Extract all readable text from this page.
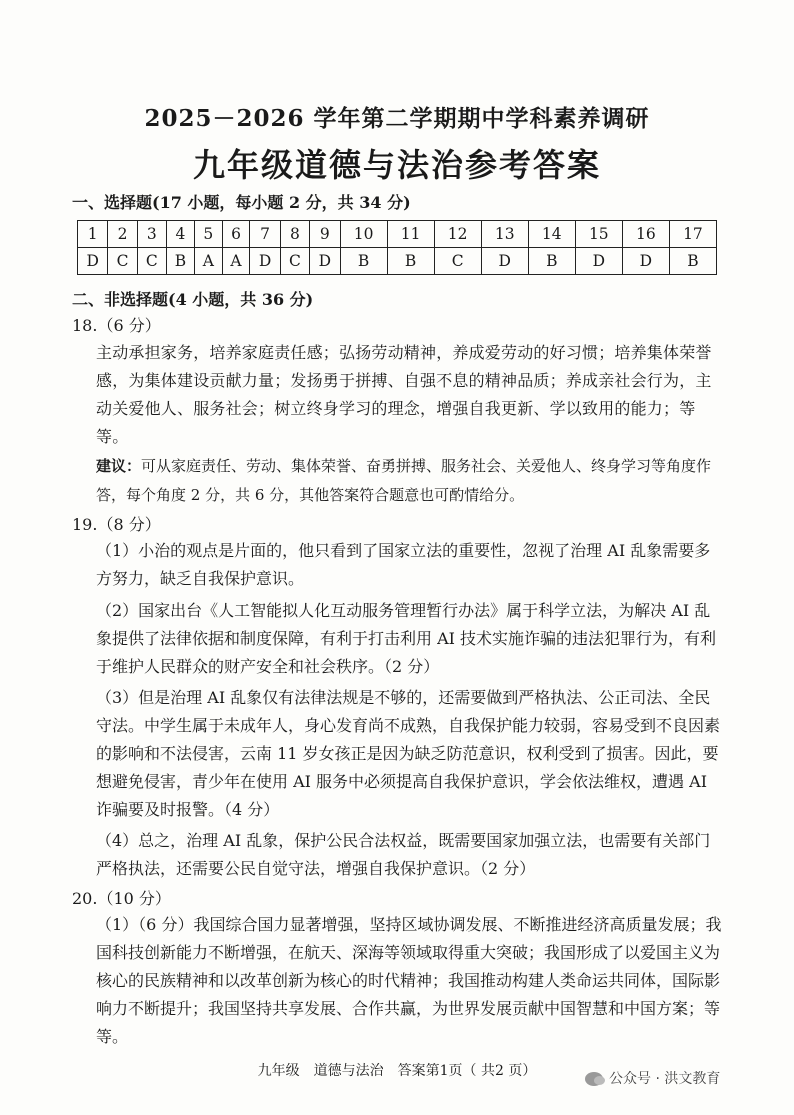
2025－2026 学年第二学期期中学科素养调研
九年级道德与法治参考答案
一、选择题(17 小题，每小题 2 分，共 34 分)
1	2	3	4	5	6	7	8	9	10	11	12	13	14	15	16	17
D	C	C	B	A	A	D	C	D	B	B	C	D	B	D	D	B
二、非选择题(4 小题，共 36 分)
18.（6 分）
主动承担家务，培养家庭责任感；弘扬劳动精神，养成爱劳动的好习惯；培养集体荣誉感，为集体建设贡献力量；发扬勇于拼搏、自强不息的精神品质；养成亲社会行为，主动关爱他人、服务社会；树立终身学习的理念，增强自我更新、学以致用的能力；等等。
建议：可从家庭责任、劳动、集体荣誉、奋勇拼搏、服务社会、关爱他人、终身学习等角度作答，每个角度 2 分，共 6 分，其他答案符合题意也可酌情给分。
19.（8 分）
（1）小治的观点是片面的，他只看到了国家立法的重要性，忽视了治理 AI 乱象需要多方努力，缺乏自我保护意识。
（2）国家出台《人工智能拟人化互动服务管理暂行办法》属于科学立法，为解决 AI 乱象提供了法律依据和制度保障，有利于打击利用 AI 技术实施诈骗的违法犯罪行为，有利于维护人民群众的财产安全和社会秩序。（2 分）
（3）但是治理 AI 乱象仅有法律法规是不够的，还需要做到严格执法、公正司法、全民守法。中学生属于未成年人，身心发育尚不成熟，自我保护能力较弱，容易受到不良因素的影响和不法侵害，云南 11 岁女孩正是因为缺乏防范意识，权利受到了损害。因此，要想避免侵害，青少年在使用 AI 服务中必须提高自我保护意识，学会依法维权，遭遇 AI 诈骗要及时报警。（4 分）
（4）总之，治理 AI 乱象，保护公民合法权益，既需要国家加强立法，也需要有关部门严格执法，还需要公民自觉守法，增强自我保护意识。（2 分）
20.（10 分）
（1）（6 分）我国综合国力显著增强，坚持区域协调发展、不断推进经济高质量发展；我国科技创新能力不断增强，在航天、深海等领域取得重大突破；我国形成了以爱国主义为核心的民族精神和以改革创新为核心的时代精神；我国推动构建人类命运共同体，国际影响力不断提升；我国坚持共享发展、合作共赢，为世界发展贡献中国智慧和中国方案；等等。
九年级　道德与法治　答案第1页（ 共2 页）	公众号 · 洪文教育
